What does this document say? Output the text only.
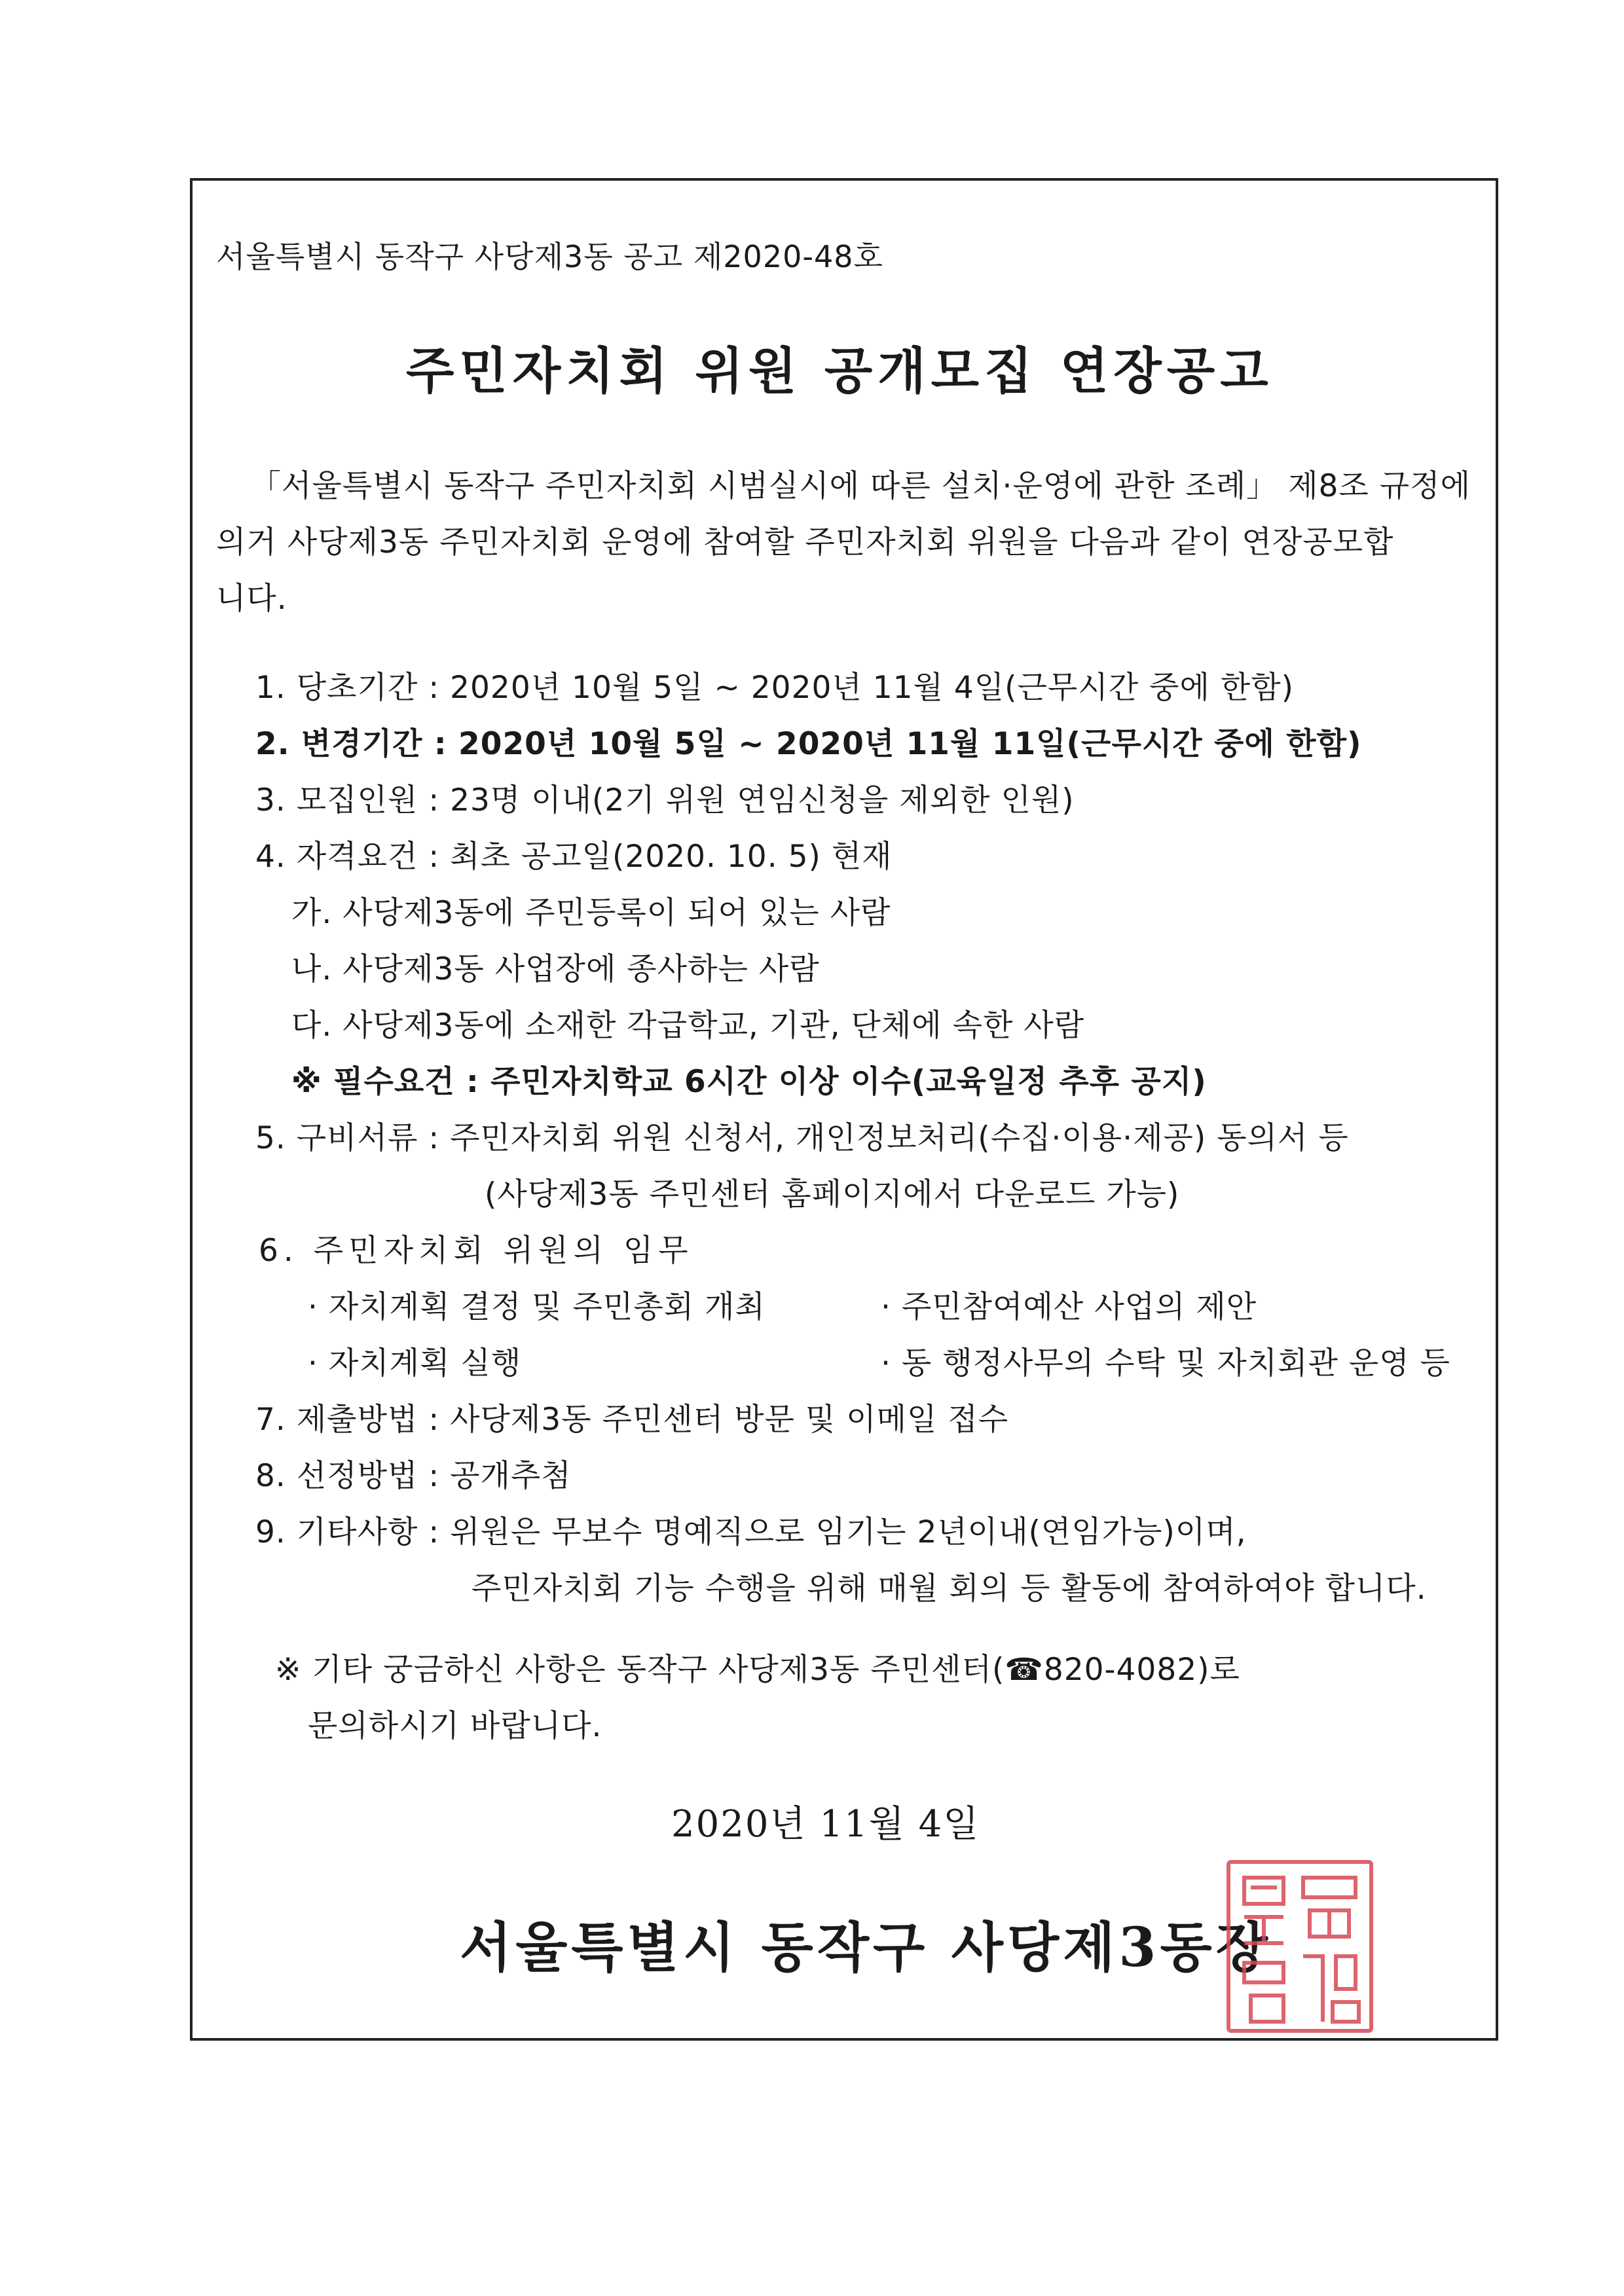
서울특별시 동작구 사당제3동 공고 제2020-48호
주민자치회 위원 공개모집 연장공고
「서울특별시 동작구 주민자치회 시범실시에 따른 설치·운영에 관한 조례」 제8조 규정에
의거 사당제3동 주민자치회 운영에 참여할 주민자치회 위원을 다음과 같이 연장공모합
니다.
1. 당초기간 : 2020년 10월 5일 ~ 2020년 11월 4일(근무시간 중에 한함)
2. 변경기간 : 2020년 10월 5일 ~ 2020년 11월 11일(근무시간 중에 한함)
3. 모집인원 : 23명 이내(2기 위원 연임신청을 제외한 인원)
4. 자격요건 : 최초 공고일(2020. 10. 5) 현재
가. 사당제3동에 주민등록이 되어 있는 사람
나. 사당제3동 사업장에 종사하는 사람
다. 사당제3동에 소재한 각급학교, 기관, 단체에 속한 사람
※ 필수요건 : 주민자치학교 6시간 이상 이수(교육일정 추후 공지)
5. 구비서류 : 주민자치회 위원 신청서, 개인정보처리(수집·이용·제공) 동의서 등
(사당제3동 주민센터 홈페이지에서 다운로드 가능)
6. 주민자치회 위원의 임무
· 자치계획 결정 및 주민총회 개최	· 주민참여예산 사업의 제안
· 자치계획 실행	· 동 행정사무의 수탁 및 자치회관 운영 등
7. 제출방법 : 사당제3동 주민센터 방문 및 이메일 접수
8. 선정방법 : 공개추첨
9. 기타사항 : 위원은 무보수 명예직으로 임기는 2년이내(연임가능)이며,
주민자치회 기능 수행을 위해 매월 회의 등 활동에 참여하여야 합니다.
※ 기타 궁금하신 사항은 동작구 사당제3동 주민센터(☎820-4082)로
문의하시기 바랍니다.
2020년 11월 4일
서울특별시 동작구 사당제3동장
